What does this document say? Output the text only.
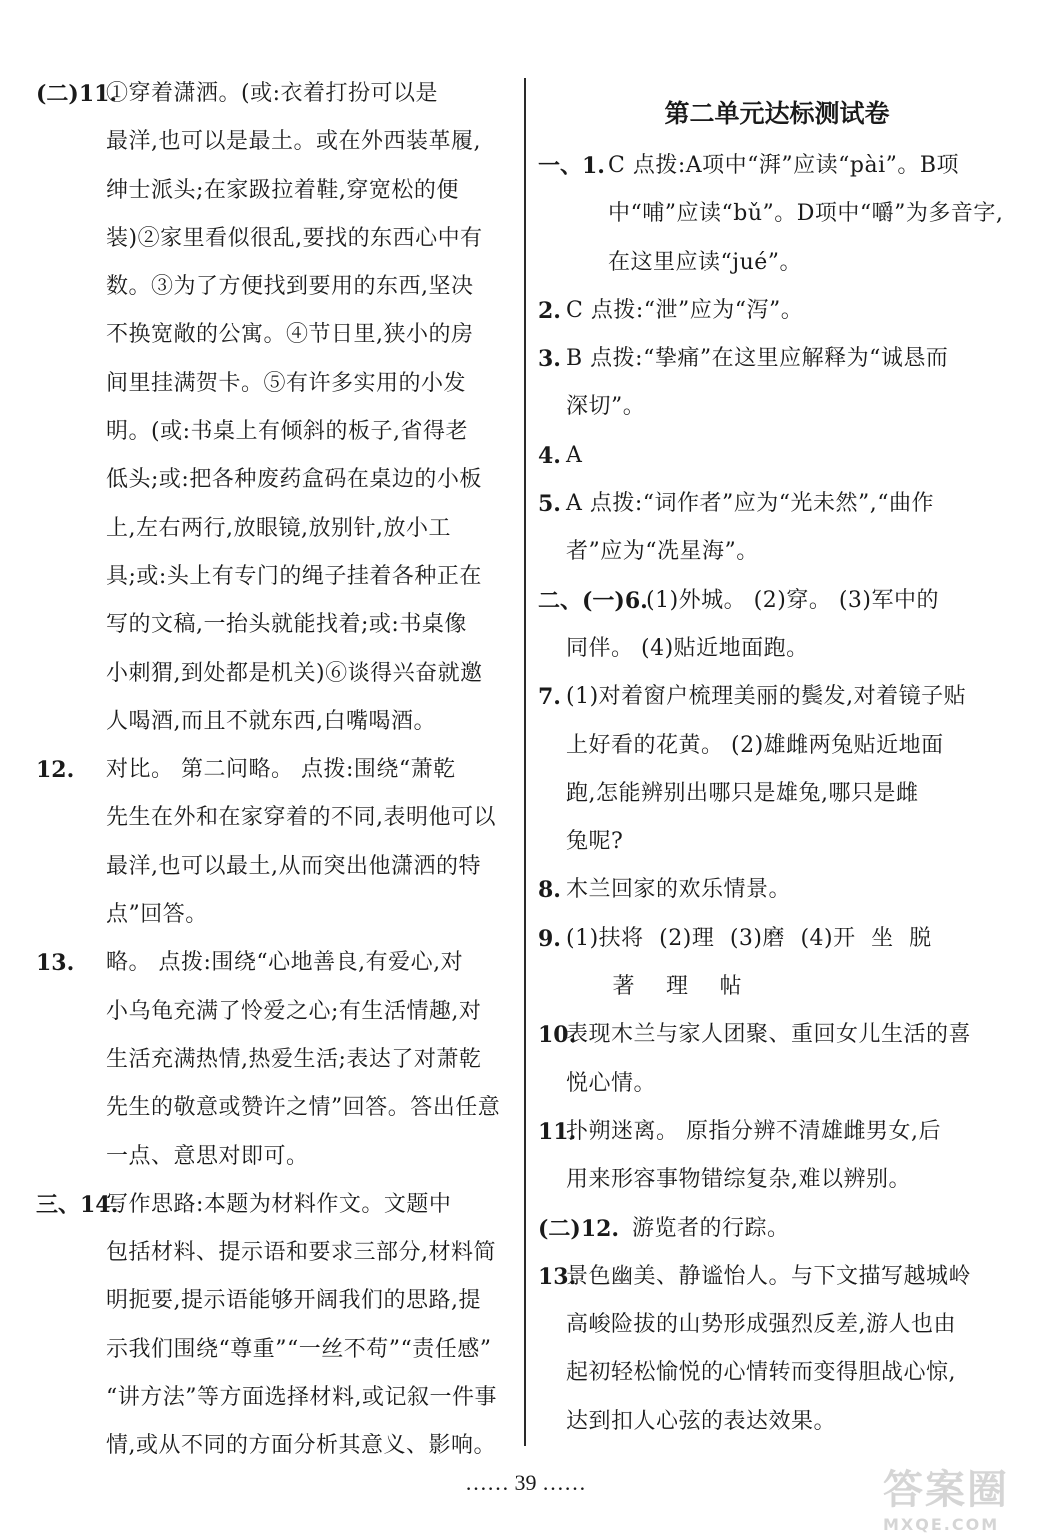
(二)11.
①穿着潇洒。(或:衣着打扮可以是
最洋,也可以是最土。或在外西装革履,
绅士派头;在家趿拉着鞋,穿宽松的便
装)②家里看似很乱,要找的东西心中有
数。③为了方便找到要用的东西,坚决
不换宽敞的公寓。④节日里,狭小的房
间里挂满贺卡。⑤有许多实用的小发
明。(或:书桌上有倾斜的板子,省得老
低头;或:把各种废药盒码在桌边的小板
上,左右两行,放眼镜,放别针,放小工
具;或:头上有专门的绳子挂着各种正在
写的文稿,一抬头就能找着;或:书桌像
小刺猬,到处都是机关)⑥谈得兴奋就邀
人喝酒,而且不就东西,白嘴喝酒。
12. 对比。 第二问略。 点拨:围绕“萧乾
先生在外和在家穿着的不同,表明他可以
最洋,也可以最土,从而突出他潇洒的特
点”回答。
13. 略。 点拨:围绕“心地善良,有爱心,对
小乌龟充满了怜爱之心;有生活情趣,对
生活充满热情,热爱生活;表达了对萧乾
先生的敬意或赞许之情”回答。答出任意
一点、意思对即可。
三、14.
写作思路:本题为材料作文。文题中
包括材料、提示语和要求三部分,材料简
明扼要,提示语能够开阔我们的思路,提
示我们围绕“尊重”“一丝不苟”“责任感”
“讲方法”等方面选择材料,或记叙一件事
情,或从不同的方面分析其意义、影响。
第二单元达标测试卷
一、1. C 点拨:A项中“湃”应读“pài”。B项
中“哺”应读“bǔ”。D项中“嚼”为多音字,
在这里应读“jué”。
2. C 点拨:“泄”应为“泻”。
3. B 点拨:“挚痛”在这里应解释为“诚恳而
深切”。
4. A
5. A 点拨:“词作者”应为“光未然”,“曲作
者”应为“冼星海”。
二、(一)6.
(1)外城。 (2)穿。 (3)军中的
同伴。 (4)贴近地面跑。
7. (1)对着窗户梳理美丽的鬓发,对着镜子贴
上好看的花黄。 (2)雄雌两兔贴近地面
跑,怎能辨别出哪只是雄兔,哪只是雌
兔呢?
8. 木兰回家的欢乐情景。
9. (1)扶将 (2)理 (3)磨 (4)开 坐 脱
著  理  帖
10.
表现木兰与家人团聚、重回女儿生活的喜
悦心情。
11.
扑朔迷离。 原指分辨不清雄雌男女,后
用来形容事物错综复杂,难以辨别。
(二)12. 游览者的行踪。
13.
景色幽美、静谧怡人。与下文描写越城岭
高峻险拔的山势形成强烈反差,游人也由
起初轻松愉悦的心情转而变得胆战心惊,
达到扣人心弦的表达效果。
…… 39 ……	答案圈
MXQE.COM
